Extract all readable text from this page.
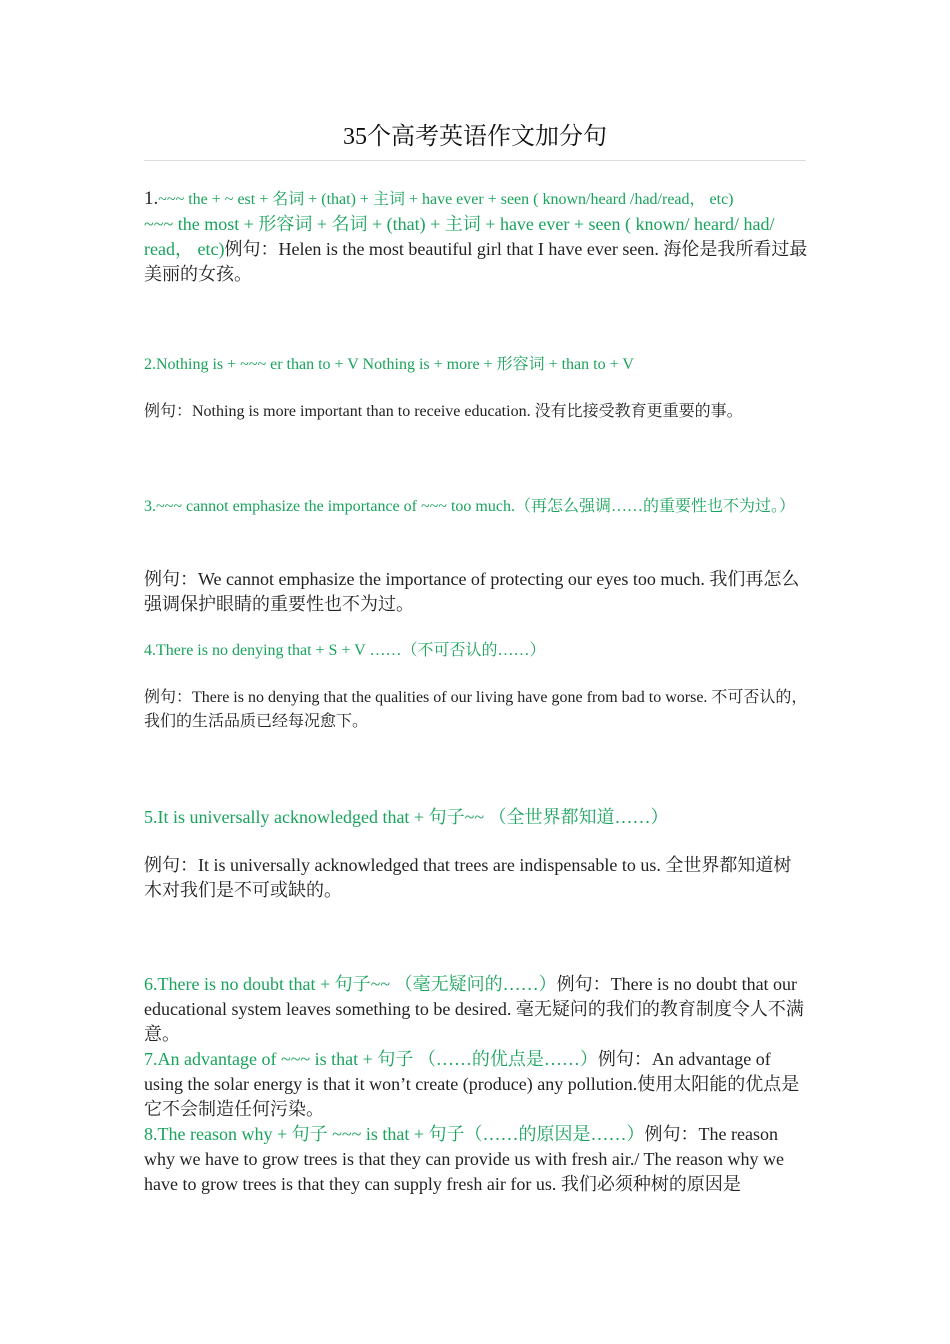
35个高考英语作文加分句

1.~~~ the + ~ est + 名词 + (that) + 主词 + have ever + seen ( known/heard /had/read， etc)
~~~ the most + 形容词 + 名词 + (that) + 主词 + have ever + seen ( known/ heard/ had/ read， etc)例句：Helen is the most beautiful girl that I have ever seen. 海伦是我所看过最美丽的女孩。

2.Nothing is + ~~~ er than to + V Nothing is + more + 形容词 + than to + V
例句：Nothing is more important than to receive education. 没有比接受教育更重要的事。
3.~~~ cannot emphasize the importance of ~~~ too much.（再怎么强调……的重要性也不为过。）
例句：We cannot emphasize the importance of protecting our eyes too much. 我们再怎么强调保护眼睛的重要性也不为过。
4.There is no denying that + S + V ……（不可否认的……）
例句：There is no denying that the qualities of our living have gone from bad to worse. 不可否认的，我们的生活品质已经每况愈下。
5.It is universally acknowledged that + 句子~~ （全世界都知道……）
例句：It is universally acknowledged that trees are indispensable to us. 全世界都知道树木对我们是不可或缺的。

6.There is no doubt that + 句子~~ （毫无疑问的……）例句：There is no doubt that our educational system leaves something to be desired. 毫无疑问的我们的教育制度令人不满意。
7.An advantage of ~~~ is that + 句子 （……的优点是……）例句：An advantage of using the solar energy is that it won’t create (produce) any pollution.使用太阳能的优点是它不会制造任何污染。
8.The reason why + 句子 ~~~ is that + 句子（……的原因是……）例句：The reason why we have to grow trees is that they can provide us with fresh air./ The reason why we have to grow trees is that they can supply fresh air for us. 我们必须种树的原因是
